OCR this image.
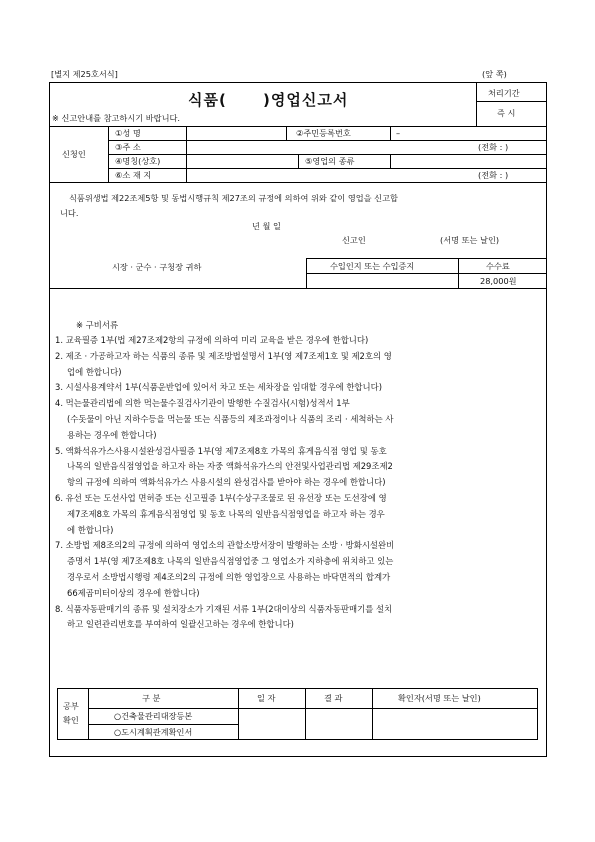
[별지 제25호서식]	(앞 쪽)
식품( )영업신고서
※ 신고안내를 참고하시기 바랍니다.
처리기간
즉 시
신청인
①성 명	②주민등록번호	–
③주 소	(전화 : )
④명칭(상호)	⑤영업의 종류
⑥소 재 지	(전화 : )
식품위생법 제22조제5항 및 동법시행규칙 제27조의 규정에 의하여 위와 같이 영업을 신고합
니다.
년 월 일
신고인	(서명 또는 날인)
시장 · 군수 · 구청장 귀하	수입인지 또는 수입증지	수수료
28,000원
※ 구비서류
1. 교육필증 1부(법 제27조제2항의 규정에 의하여 미리 교육을 받은 경우에 한합니다)
2. 제조 · 가공하고자 하는 식품의 종류 및 제조방법설명서 1부(영 제7조제1호 및 제2호의 영
업에 한합니다)
3. 시설사용계약서 1부(식품운반업에 있어서 차고 또는 세차장을 임대할 경우에 한합니다)
4. 먹는물관리법에 의한 먹는물수질검사기관이 발행한 수질검사(시험)성적서 1부
(수돗물이 아닌 지하수등을 먹는물 또는 식품등의 제조과정이나 식품의 조리 · 세척하는 사
용하는 경우에 한합니다)
5. 액화석유가스사용시설완성검사필증 1부(영 제7조제8호 가목의 휴게음식점 영업 및 동호
나목의 일반음식점영업을 하고자 하는 자중 액화석유가스의 안전및사업관리법 제29조제2
항의 규정에 의하여 액화석유가스 사용시설의 완성검사를 받아야 하는 경우에 한합니다)
6. 유선 또는 도선사업 면허증 또는 신고필증 1부(수상구조물로 된 유선장 또는 도선장에 영
제7조제8호 가목의 휴게음식점영업 및 동호 나목의 일반음식점영업을 하고자 하는 경우
에 한합니다)
7. 소방법 제8조의2의 규정에 의하여 영업소의 관할소방서장이 발행하는 소방 · 방화시설완비
증명서 1부(영 제7조제8호 나목의 일반음식점영업중 그 영업소가 지하층에 위치하고 있는
경우로서 소방법시행령 제4조의2의 규정에 의한 영업장으로 사용하는 바닥면적의 합계가
66제곱미터이상의 경우에 한합니다)
8. 식품자동판매기의 종류 및 설치장소가 기재된 서류 1부(2대이상의 식품자동판매기를 설치
하고 일련관리번호를 부여하여 일괄신고하는 경우에 한합니다)
공부
확인
구 분	일 자	결 과	확인자(서명 또는 날인)
○건축물관리대장등본
○도시계획관계확인서
